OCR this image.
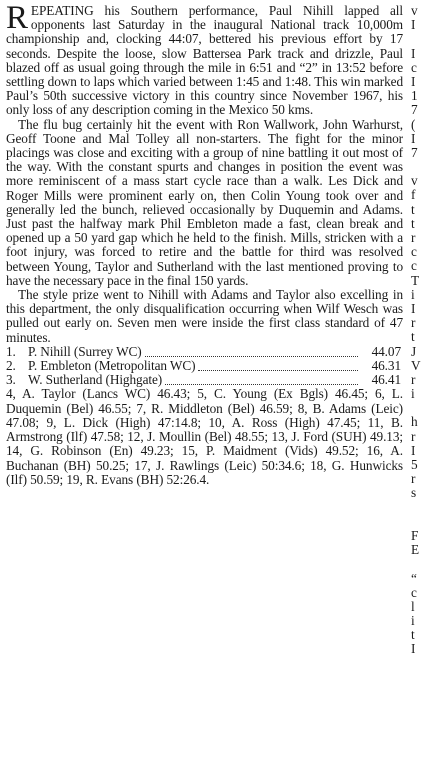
REPEATING his Southern performance, Paul Nihill lapped all opponents last Saturday in the inaugural National track 10,000m championship and, clocking 44:07, bettered his previous effort by 17 seconds. Despite the loose, slow Battersea Park track and drizzle, Paul blazed off as usual going through the mile in 6:51 and “2” in 13:52 before settling down to laps which varied between 1:45 and 1:48. This win marked Paul’s 50th successive victory in this country since November 1967, his only loss of any description coming in the Mexico 50 kms.

The flu bug certainly hit the event with Ron Wallwork, John Warhurst, Geoff Toone and Mal Tolley all non-starters. The fight for the minor placings was close and exciting with a group of nine battling it out most of the way. With the constant spurts and changes in position the event was more reminiscent of a mass start cycle race than a walk. Les Dick and Roger Mills were prominent early on, then Colin Young took over and generally led the bunch, relieved occasionally by Duquemin and Adams. Just past the halfway mark Phil Embleton made a fast, clean break and opened up a 50 yard gap which he held to the finish. Mills, stricken with a foot injury, was forced to retire and the battle for third was resolved between Young, Taylor and Sutherland with the last mentioned proving to have the necessary pace in the final 150 yards.

The style prize went to Nihill with Adams and Taylor also excelling in this department, the only disqualification occurring when Wilf Wesch was pulled out early on. Seven men were inside the first class standard of 47 minutes.

1. P. Nihill (Surrey WC)	44.07
2. P. Embleton (Metropolitan WC)	46.31
3. W. Sutherland (Highgate)	46.41

4, A. Taylor (Lancs WC) 46.43; 5, C. Young (Ex Bgls) 46.45; 6, L. Duquemin (Bel) 46.55; 7, R. Middleton (Bel) 46.59; 8, B. Adams (Leic) 47.08; 9, L. Dick (High) 47:14.8; 10, A. Ross (High) 47.45; 11, B. Armstrong (Ilf) 47.58; 12, J. Moullin (Bel) 48.55; 13, J. Ford (SUH) 49.13; 14, G. Robinson (En) 49.23; 15, P. Maidment (Vids) 49.52; 16, A. Buchanan (BH) 50.25; 17, J. Rawlings (Leic) 50:34.6; 18, G. Hunwicks (Ilf) 50.59; 19, R. Evans (BH) 52:26.4.

v
I
I
c
I
1
7
(
I
7
v
f
t
t
r
c
c
T
i
I
r
t
J
V
r
i
h
r
I
5
r
s
F
E
“
c
l
i
t
I
